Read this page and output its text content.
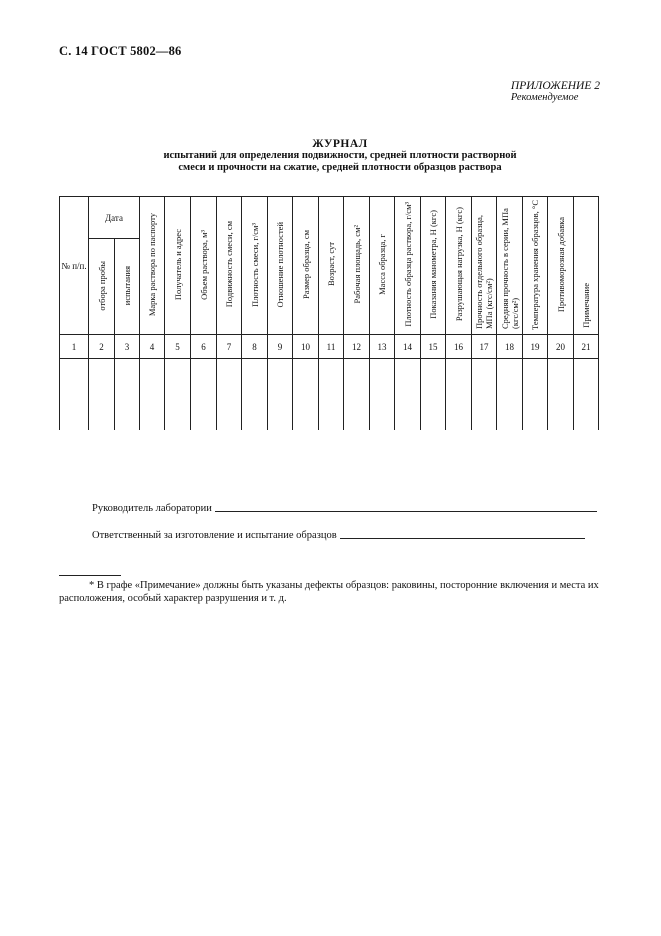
С. 14 ГОСТ 5802—86
ПРИЛОЖЕНИЕ 2
Рекомендуемое
ЖУРНАЛ
испытаний для определения подвижности, средней плотности растворной смеси и прочности на сжатие, средней плотности образцов раствора
№ п/п.	Дата		Марка раствора по паспорту	Получатель и адрес	Объем раствора, м³	Подвижность смеси, см	Плотность смеси, г/см³	Отношение плотностей	Размер образца, см	Возраст, сут	Рабочая площадь, см²	Масса образца, г	Плотность образца раствора, г/см³	Показания манометра, Н (кгс)	Разрушающая нагрузка, Н (кгс)	Прочность отдельного образца, МПа (кгс/см²)	Средняя прочность в серии, МПа (кгс/см²)	Температура хранения образцов, °С	Противоморозная добавка	Примечание
	отбора пробы	испытания																		
1	2	3	4	5	6	7	8	9	10	11	12	13	14	15	16	17	18	19	20	21

Руководитель лаборатории
Ответственный за изготовление и испытание образцов
* В графе «Примечание» должны быть указаны дефекты образцов: раковины, посторонние включения и места их расположения, особый характер разрушения и т. д.
